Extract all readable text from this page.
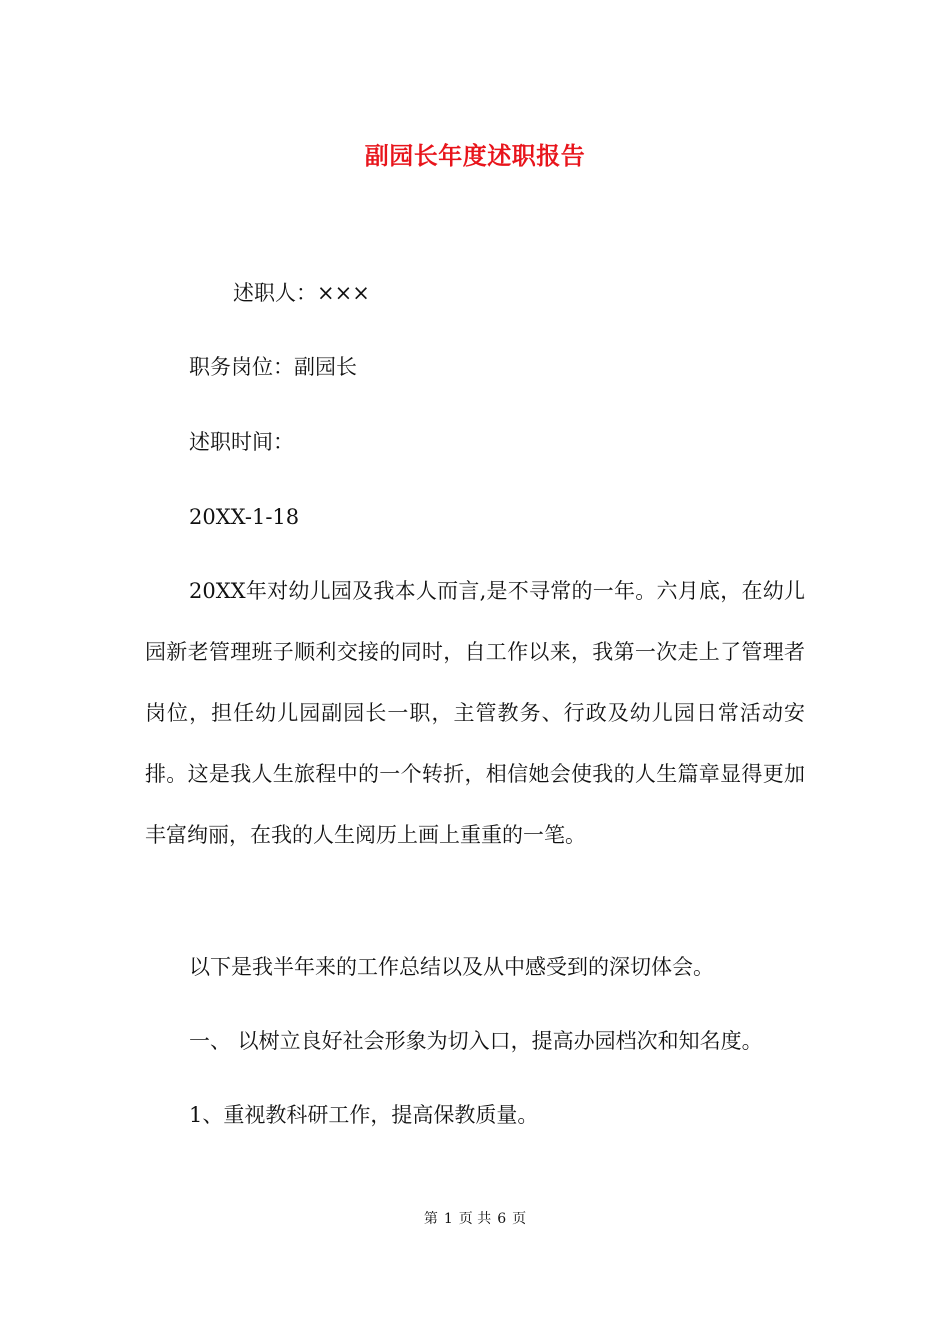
副园长年度述职报告
述职人：×××
职务岗位：副园长
述职时间：
20XX-1-18
20XX年对幼儿园及我本人而言,是不寻常的一年。六月底，在幼儿园新老管理班子顺利交接的同时，自工作以来，我第一次走上了管理者岗位，担任幼儿园副园长一职，主管教务、行政及幼儿园日常活动安排。这是我人生旅程中的一个转折，相信她会使我的人生篇章显得更加丰富绚丽，在我的人生阅历上画上重重的一笔。
以下是我半年来的工作总结以及从中感受到的深切体会。
一、 以树立良好社会形象为切入口，提高办园档次和知名度。
1、重视教科研工作，提高保教质量。
第 1 页 共 6 页
